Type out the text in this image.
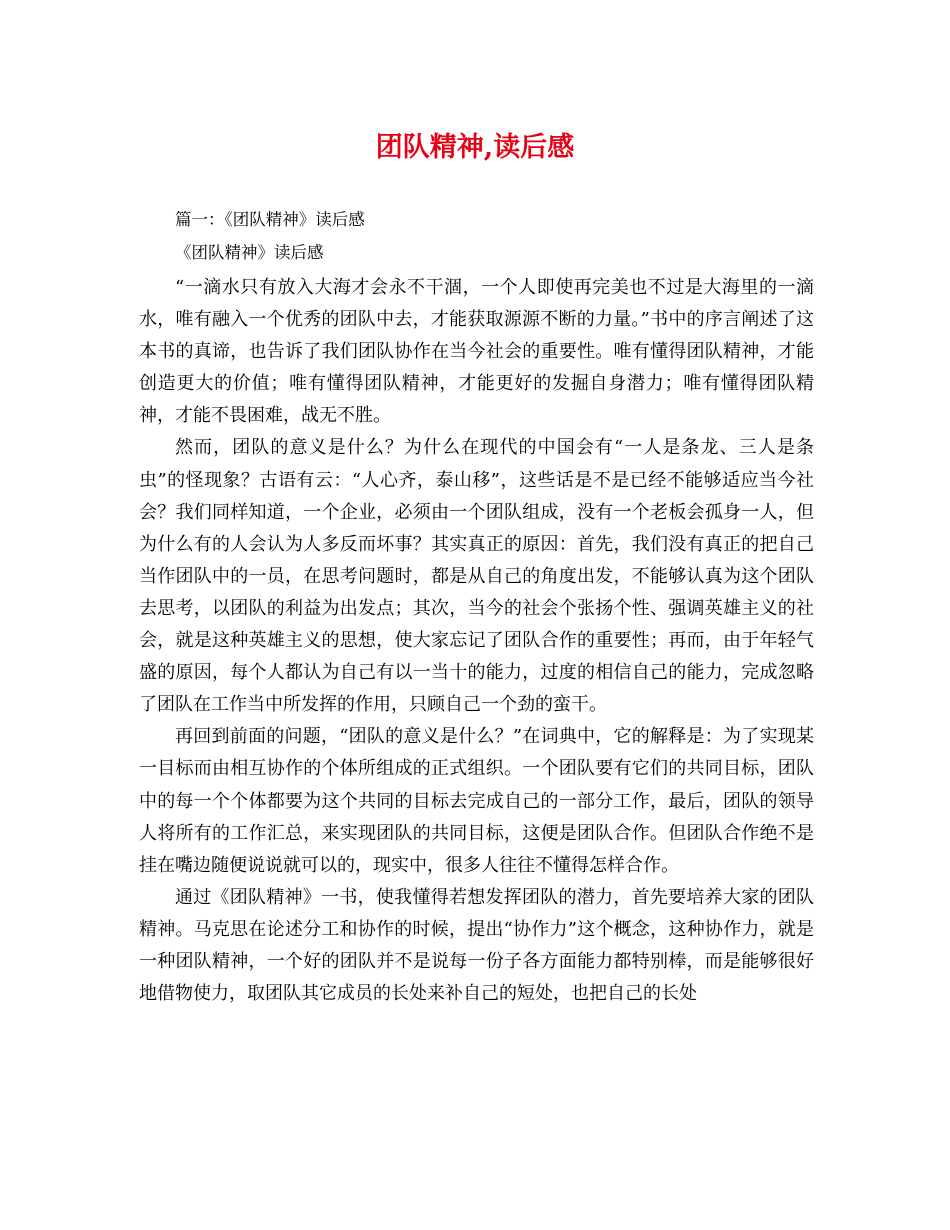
团队精神,读后感
篇一：《团队精神》读后感
《团队精神》读后感

“一滴水只有放入大海才会永不干涸，一个人即使再完美也不过是大海里的一滴水，唯有融入一个优秀的团队中去，才能获取源源不断的力量。”书中的序言阐述了这本书的真谛，也告诉了我们团队协作在当今社会的重要性。唯有懂得团队精神，才能创造更大的价值；唯有懂得团队精神，才能更好的发掘自身潜力；唯有懂得团队精神，才能不畏困难，战无不胜。

然而，团队的意义是什么？为什么在现代的中国会有“一人是条龙、三人是条虫”的怪现象？古语有云：“人心齐，泰山移”，这些话是不是已经不能够适应当今社会？我们同样知道，一个企业，必须由一个团队组成，没有一个老板会孤身一人，但为什么有的人会认为人多反而坏事？其实真正的原因：首先，我们没有真正的把自己当作团队中的一员，在思考问题时，都是从自己的角度出发，不能够认真为这个团队去思考，以团队的利益为出发点；其次，当今的社会个张扬个性、强调英雄主义的社会，就是这种英雄主义的思想，使大家忘记了团队合作的重要性；再而，由于年轻气盛的原因，每个人都认为自己有以一当十的能力，过度的相信自己的能力，完成忽略了团队在工作当中所发挥的作用，只顾自己一个劲的蛮干。

再回到前面的问题，“团队的意义是什么？”在词典中，它的解释是：为了实现某一目标而由相互协作的个体所组成的正式组织。一个团队要有它们的共同目标，团队中的每一个个体都要为这个共同的目标去完成自己的一部分工作，最后，团队的领导人将所有的工作汇总，来实现团队的共同目标，这便是团队合作。但团队合作绝不是挂在嘴边随便说说就可以的，现实中，很多人往往不懂得怎样合作。

通过《团队精神》一书，使我懂得若想发挥团队的潜力，首先要培养大家的团队精神。马克思在论述分工和协作的时候，提出“协作力”这个概念，这种协作力，就是一种团队精神，一个好的团队并不是说每一份子各方面能力都特别棒，而是能够很好地借物使力，取团队其它成员的长处来补自己的短处，也把自己的长处
